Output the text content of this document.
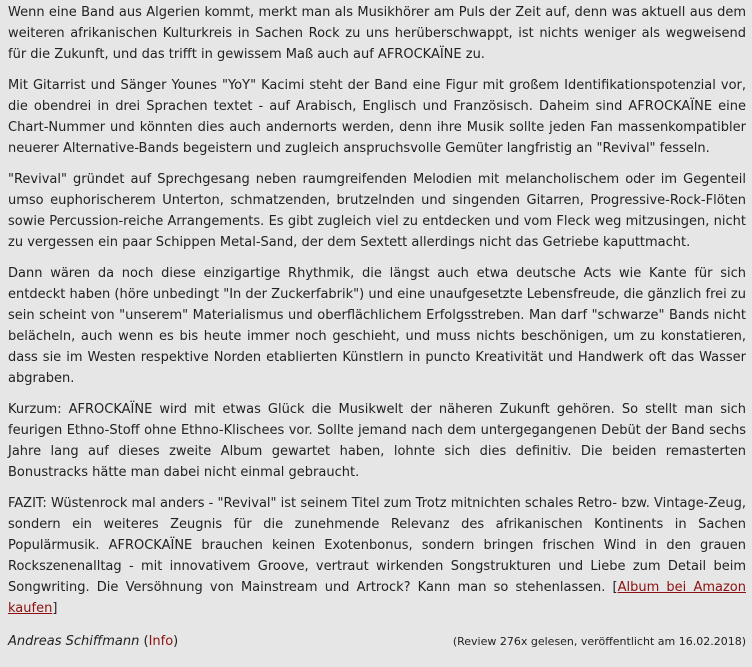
Wenn eine Band aus Algerien kommt, merkt man als Musikhörer am Puls der Zeit auf, denn was aktuell aus dem weiteren afrikanischen Kulturkreis in Sachen Rock zu uns herüberschwappt, ist nichts weniger als wegweisend für die Zukunft, und das trifft in gewissem Maß auch auf AFROCKAÏNE zu.

Mit Gitarrist und Sänger Younes "YoY" Kacimi steht der Band eine Figur mit großem Identifikationspotenzial vor, die obendrei in drei Sprachen textet - auf Arabisch, Englisch und Französisch. Daheim sind AFROCKAÏNE eine Chart-Nummer und könnten dies auch andernorts werden, denn ihre Musik sollte jeden Fan massenkompatibler neuerer Alternative-Bands begeistern und zugleich anspruchsvolle Gemüter langfristig an "Revival" fesseln.

"Revival" gründet auf Sprechgesang neben raumgreifenden Melodien mit melancholischem oder im Gegenteil umso euphorischerem Unterton, schmatzenden, brutzelnden und singenden Gitarren, Progressive-Rock-Flöten sowie Percussion-reiche Arrangements. Es gibt zugleich viel zu entdecken und vom Fleck weg mitzusingen, nicht zu vergessen ein paar Schippen Metal-Sand, der dem Sextett allerdings nicht das Getriebe kaputtmacht.

Dann wären da noch diese einzigartige Rhythmik, die längst auch etwa deutsche Acts wie Kante für sich entdeckt haben (höre unbedingt "In der Zuckerfabrik") und eine unaufgesetzte Lebensfreude, die gänzlich frei zu sein scheint von "unserem" Materialismus und oberflächlichem Erfolgsstreben. Man darf "schwarze" Bands nicht belächeln, auch wenn es bis heute immer noch geschieht, und muss nichts beschönigen, um zu konstatieren, dass sie im Westen respektive Norden etablierten Künstlern in puncto Kreativität und Handwerk oft das Wasser abgraben.

Kurzum: AFROCKAÏNE wird mit etwas Glück die Musikwelt der näheren Zukunft gehören. So stellt man sich feurigen Ethno-Stoff ohne Ethno-Klischees vor. Sollte jemand nach dem untergegangenen Debüt der Band sechs Jahre lang auf dieses zweite Album gewartet haben, lohnte sich dies definitiv. Die beiden remasterten Bonustracks hätte man dabei nicht einmal gebraucht.

FAZIT: Wüstenrock mal anders - "Revival" ist seinem Titel zum Trotz mitnichten schales Retro- bzw. Vintage-Zeug, sondern ein weiteres Zeugnis für die zunehmende Relevanz des afrikanischen Kontinents in Sachen Populärmusik. AFROCKAÏNE brauchen keinen Exotenbonus, sondern bringen frischen Wind in den grauen Rockszenenalltag - mit innovativem Groove, vertraut wirkenden Songstrukturen und Liebe zum Detail beim Songwriting. Die Versöhnung von Mainstream und Artrock? Kann man so stehenlassen. [Album bei Amazon kaufen]

Andreas Schiffmann (Info)	(Review 276x gelesen, veröffentlicht am 16.02.2018)
